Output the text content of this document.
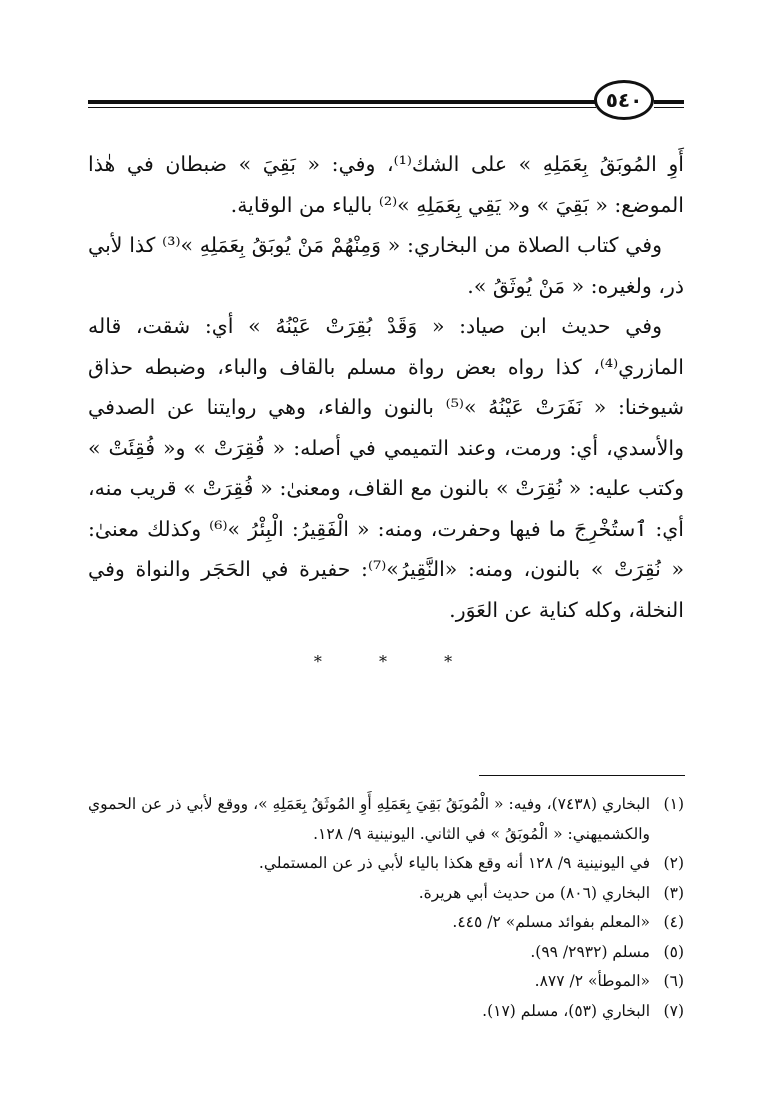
٥٤٠

أَوِ المُوبَقُ بِعَمَلِهِ » على الشك⁽¹⁾، وفي: « بَقِيَ » ضبطان في هٰذا الموضع: « بَقِيَ » و« يَقِي بِعَمَلِهِ »⁽²⁾ بالياء من الوقاية.

وفي كتاب الصلاة من البخاري: « وَمِنْهُمْ مَنْ يُوبَقُ بِعَمَلِهِ »⁽³⁾ كذا لأبي ذر، ولغيره: « مَنْ يُوثَقُ ».

وفي حديث ابن صياد: « وَقَدْ بُقِرَتْ عَيْنُهُ » أي: شقت، قاله المازري⁽⁴⁾، كذا رواه بعض رواة مسلم بالقاف والباء، وضبطه حذاق شيوخنا: « نَفَرَتْ عَيْنُهُ »⁽⁵⁾ بالنون والفاء، وهي روايتنا عن الصدفي والأسدي، أي: ورمت، وعند التميمي في أصله: « فُقِرَتْ » و« فُقِئَتْ » وكتب عليه: « نُقِرَتْ » بالنون مع القاف، ومعنىٰ: « فُقِرَتْ » قريب منه، أي: ٱستُخْرِجَ ما فيها وحفرت، ومنه: « الْفَقِيرُ: الْبِئْرُ »⁽⁶⁾ وكذلك معنىٰ: « نُقِرَتْ » بالنون، ومنه: «النَّقِيرُ»⁽⁷⁾: حفيرة في الحَجَر والنواة وفي النخلة، وكله كناية عن العَوَر.

* * *
(١)
البخاري (٧٤٣٨)، وفيه: « الْمُوبَقُ بَقِيَ بِعَمَلِهِ أَوِ المُوثَقُ بِعَمَلِهِ »، ووقع لأبي ذر عن الحموي والكشميهني: « الْمُوبَقُ » في الثاني. اليونينية ٩/ ١٢٨.
(٢)
في اليونينية ٩/ ١٢٨ أنه وقع هكذا بالياء لأبي ذر عن المستملي.
(٣)
البخاري (٨٠٦) من حديث أبي هريرة.
(٤)
«المعلم بفوائد مسلم» ٢/ ٤٤٥.
(٥)
مسلم (٢٩٣٢/ ٩٩).
(٦)
«الموطأ» ٢/ ٨٧٧.
(٧)
البخاري (٥٣)، مسلم (١٧).
